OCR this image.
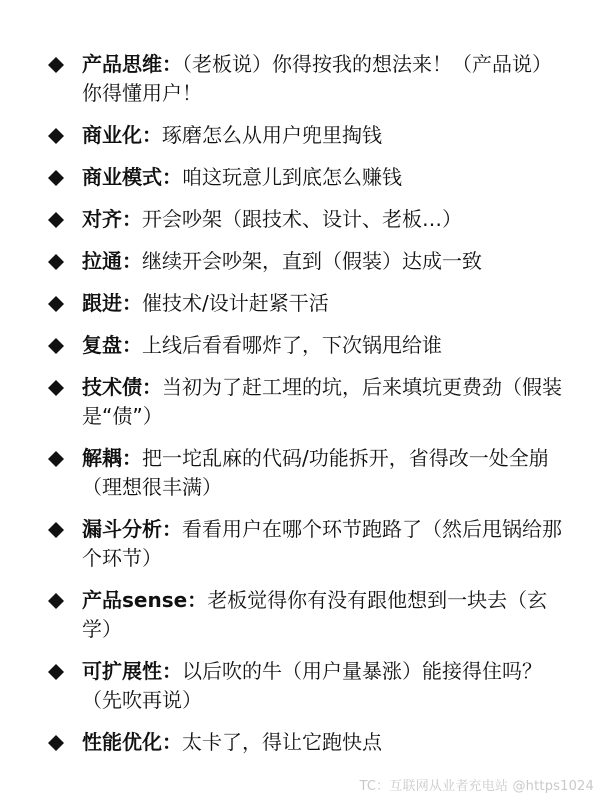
产品思维：（老板说）你得按我的想法来！（产品说）你得懂用户！
商业化：琢磨怎么从用户兜里掏钱
商业模式：咱这玩意儿到底怎么赚钱
对齐：开会吵架（跟技术、设计、老板…）
拉通：继续开会吵架，直到（假装）达成一致
跟进：催技术/设计赶紧干活
复盘：上线后看看哪炸了，下次锅甩给谁
技术债：当初为了赶工埋的坑，后来填坑更费劲（假装是“债”）
解耦：把一坨乱麻的代码/功能拆开，省得改一处全崩（理想很丰满）
漏斗分析：看看用户在哪个环节跑路了（然后甩锅给那个环节）
产品sense：老板觉得你有没有跟他想到一块去（玄学）
可扩展性：以后吹的牛（用户量暴涨）能接得住吗？（先吹再说）
性能优化：太卡了，得让它跑快点
TC：互联网从业者充电站 @https1024
